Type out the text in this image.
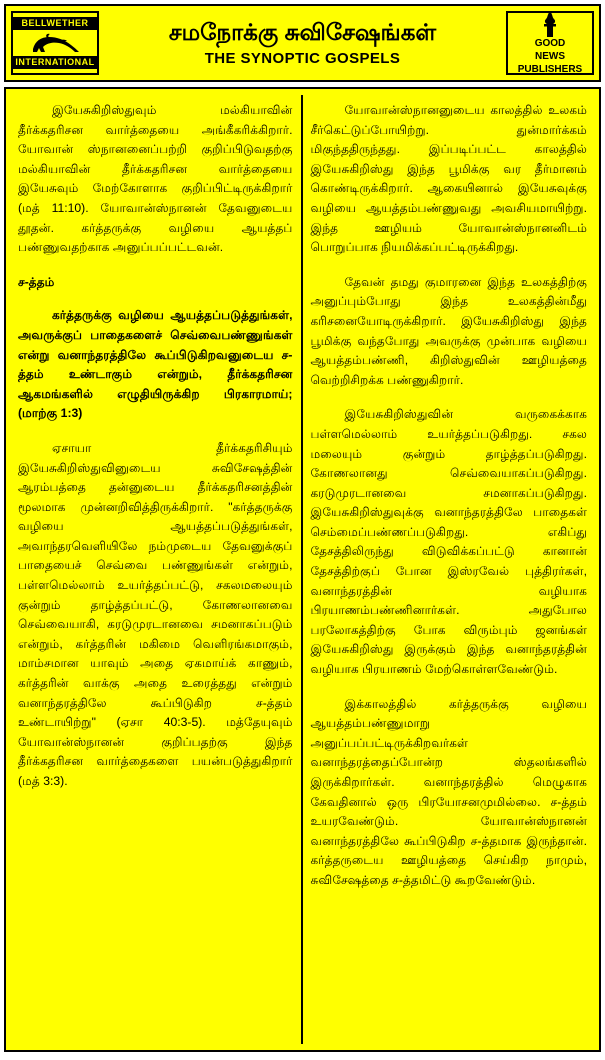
BELLWETHER
INTERNATIONAL
சமநோக்கு சுவிசேஷங்கள்
THE SYNOPTIC GOSPELS
GOOD
NEWS
PUBLISHERS

இயேசுகிறிஸ்துவும் மல்கியாவின் தீர்க்கதரிசன வார்த்தையை அங்கீகரிக்கிறார். யோவான் ஸ்நானனைப்பற்றி குறிப்பிடுவதற்கு மல்கியாவின் தீர்க்கதரிசன வார்த்தையை இயேசுவும் மேற்கோளாக குறிப்பிட்டிருக்கிறார் (மத் 11:10). யோவான்ஸ்நானன் தேவனுடைய தூதன். கர்த்தருக்கு வழியை ஆயத்தப் பண்ணுவதற்காக அனுப்பப்பட்டவன்.

ச-த்தம்

கர்த்தருக்கு வழியை ஆயத்தப்படுத்துங்கள், அவருக்குப் பாதைகளைச் செவ்வைபண்ணுங்கள் என்று வனாந்தரத்திலே கூப்பிடுகிறவனுடைய ச-த்தம் உண்டாகும் என்றும், தீர்க்கதரிசன ஆகமங்களில் எழுதியிருக்கிற பிரகாரமாய்; (மாற்கு 1:3)

ஏசாயா தீர்க்கதரிசியும் இயேசுகிறிஸ்துவினுடைய சுவிசேஷத்தின் ஆரம்பத்தை தன்னுடைய தீர்க்கதரிசனத்தின் மூலமாக முன்னறிவித்திருக்கிறார். "கர்த்தருக்கு வழியை ஆயத்தப்படுத்துங்கள், அவாந்தரவெளியிலே நம்முடைய தேவனுக்குப் பாதையைச் செவ்வை பண்ணுங்கள் என்றும், பள்ளமெல்லாம் உயர்த்தப்பட்டு, சகலமலையும் குன்றும் தாழ்த்தப்பட்டு, கோணலானவை செவ்வையாகி, கரடுமுரடானவை சமனாகப்படும் என்றும், கர்த்தரின் மகிமை வெளிரங்கமாகும், மாம்சமான யாவும் அதை ஏகமாய்க் காணும், கர்த்தரின் வாக்கு அதை உரைத்தது என்றும் வனாந்தரத்திலே கூப்பிடுகிற ச-த்தம் உண்டாயிற்று" (ஏசா 40:3-5). மத்தேயுவும் யோவான்ஸ்நானன் குறிப்பதற்கு இந்த தீர்க்கதரிசன வார்த்தைகளை பயன்படுத்துகிறார் (மத் 3:3).

யோவான்ஸ்நானனுடைய காலத்தில் உலகம் சீர்கெட்டுப்போயிற்று. துன்மார்க்கம் மிகுந்ததிருந்தது. இப்படிப்பட்ட காலத்தில் இயேசுகிறிஸ்து இந்த பூமிக்கு வர தீர்மானம் கொண்டிருக்கிறார். ஆகையினால் இயேசுவுக்கு வழியை ஆயத்தம்பண்ணுவது அவசியமாயிற்று. இந்த ஊழியம் யோவான்ஸ்நானனிடம் பொறுப்பாக நியமிக்கப்பட்டிருக்கிறது.

தேவன் தமது குமாரனை இந்த உலகத்திற்கு அனுப்பும்போது இந்த உலகத்தின்மீது கரிசனையோடிருக்கிறார். இயேசுகிறிஸ்து இந்த பூமிக்கு வந்தபோது அவருக்கு முன்பாக வழியை ஆயத்தம்பண்ணி, கிறிஸ்துவின் ஊழியத்தை வெற்றிசிறக்க பண்ணுகிறார்.

இயேசுகிறிஸ்துவின் வருகைக்காக பள்ளமெல்லாம் உயர்த்தப்படுகிறது. சகல மலையும் குன்றும் தாழ்த்தப்படுகிறது. கோணலானது செவ்வையாகப்படுகிறது. கரடுமுரடானவை சமனாகப்படுகிறது. இயேசுகிறிஸ்துவுக்கு வனாந்தரத்திலே பாதைகள் செம்மைப்பண்ணப்படுகிறது. எகிப்து தேசத்திலிருந்து விடுவிக்கப்பட்டு கானான் தேசத்திற்குப் போன இஸ்ரவேல் புத்திரர்கள், வனாந்தரத்தின் வழியாக பிரயாணம்பண்ணினார்கள். அதுபோல பரலோகத்திற்கு போக விரும்பும் ஜனங்கள் இயேசுகிறிஸ்து இருக்கும் இந்த வனாந்தரத்தின் வழியாக பிரயாணம் மேற்கொள்ளவேண்டும்.

இக்காலத்தில் கர்த்தருக்கு வழியை ஆயத்தம்பண்ணுமாறு அனுப்பப்பட்டிருக்கிறவர்கள் வனாந்தரத்தைப்போன்ற ஸ்தலங்களில் இருக்கிறார்கள். வனாந்தரத்தில் மெழுகாக கேவதினால் ஒரு பிரயோசனமுமில்லை. ச-த்தம் உயரவேண்டும். யோவான்ஸ்நானன் வனாந்தரத்திலே கூப்பிடுகிற ச-த்தமாக இருந்தான். கர்த்தருடைய ஊழியத்தை செய்கிற நாமும், சுவிசேஷத்தை ச-த்தமிட்டு கூறவேண்டும்.
